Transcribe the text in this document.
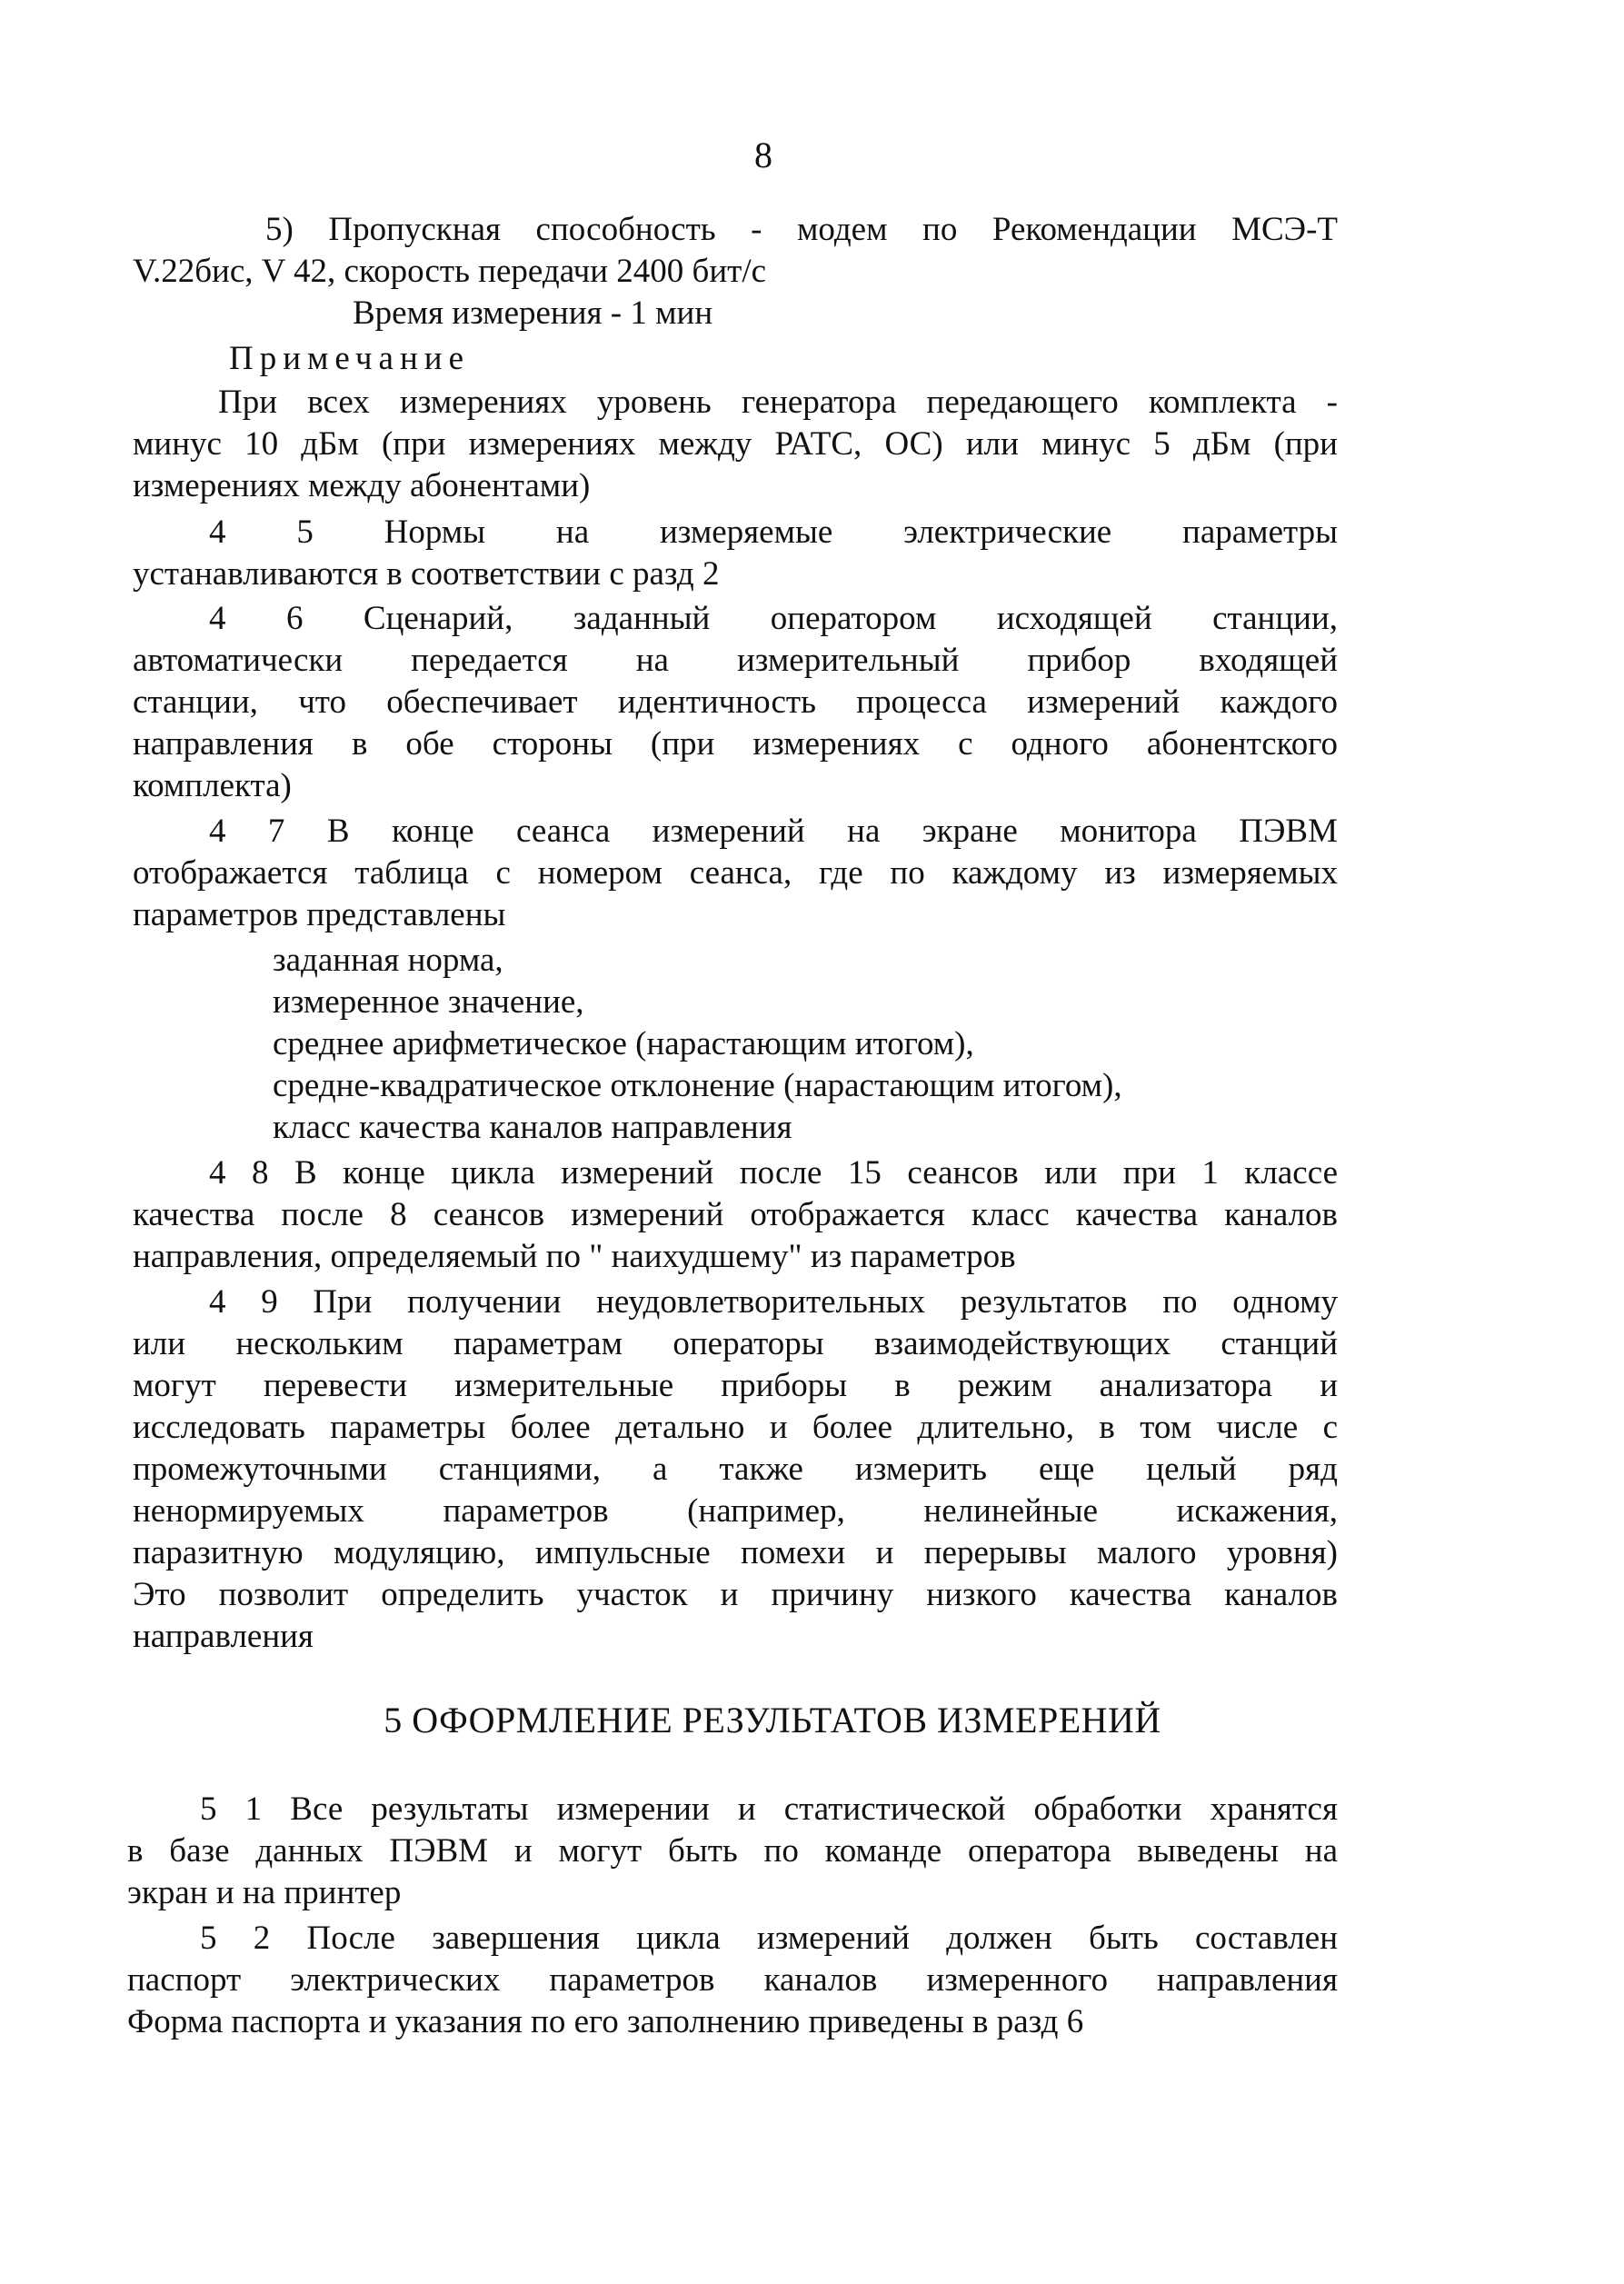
8
5) Пропускная способность - модем по Рекомендации МСЭ-Т
V.22бис, V 42, скорость передачи 2400 бит/с
Время измерения - 1 мин
Примечание
При всех измерениях уровень генератора передающего комплекта -
минус 10 дБм (при измерениях между РАТС, ОС) или минус 5 дБм (при
измерениях между абонентами)
4 5 Нормы на измеряемые электрические параметры
устанавливаются в соответствии с разд 2
4 6 Сценарий, заданный оператором исходящей станции,
автоматически передается на измерительный прибор входящей
станции, что обеспечивает идентичность процесса измерений каждого
направления в обе стороны (при измерениях с одного абонентского
комплекта)
4 7 В конце сеанса измерений на экране монитора ПЭВМ
отображается таблица с номером сеанса, где по каждому из измеряемых
параметров представлены
заданная норма,
измеренное значение,
среднее арифметическое (нарастающим итогом),
средне-квадратическое отклонение (нарастающим итогом),
класс качества каналов направления
4 8 В конце цикла измерений после 15 сеансов или при 1 классе
качества после 8 сеансов измерений отображается класс качества каналов
направления, определяемый по " наихудшему" из параметров
4 9 При получении неудовлетворительных результатов по одному
или нескольким параметрам операторы взаимодействующих станций
могут перевести измерительные приборы в режим анализатора и
исследовать параметры более детально и более длительно, в том числе с
промежуточными станциями, а также измерить еще целый ряд
ненормируемых параметров (например, нелинейные искажения,
паразитную модуляцию, импульсные помехи и перерывы малого уровня)
Это позволит определить участок и причину низкого качества каналов
направления
5 ОФОРМЛЕНИЕ РЕЗУЛЬТАТОВ ИЗМЕРЕНИЙ
5 1 Все результаты измерении и статистической обработки хранятся
в базе данных ПЭВМ и могут быть по команде оператора выведены на
экран и на принтер
5 2 После завершения цикла измерений должен быть составлен
паспорт электрических параметров каналов измеренного направления
Форма паспорта и указания по его заполнению приведены в разд 6
